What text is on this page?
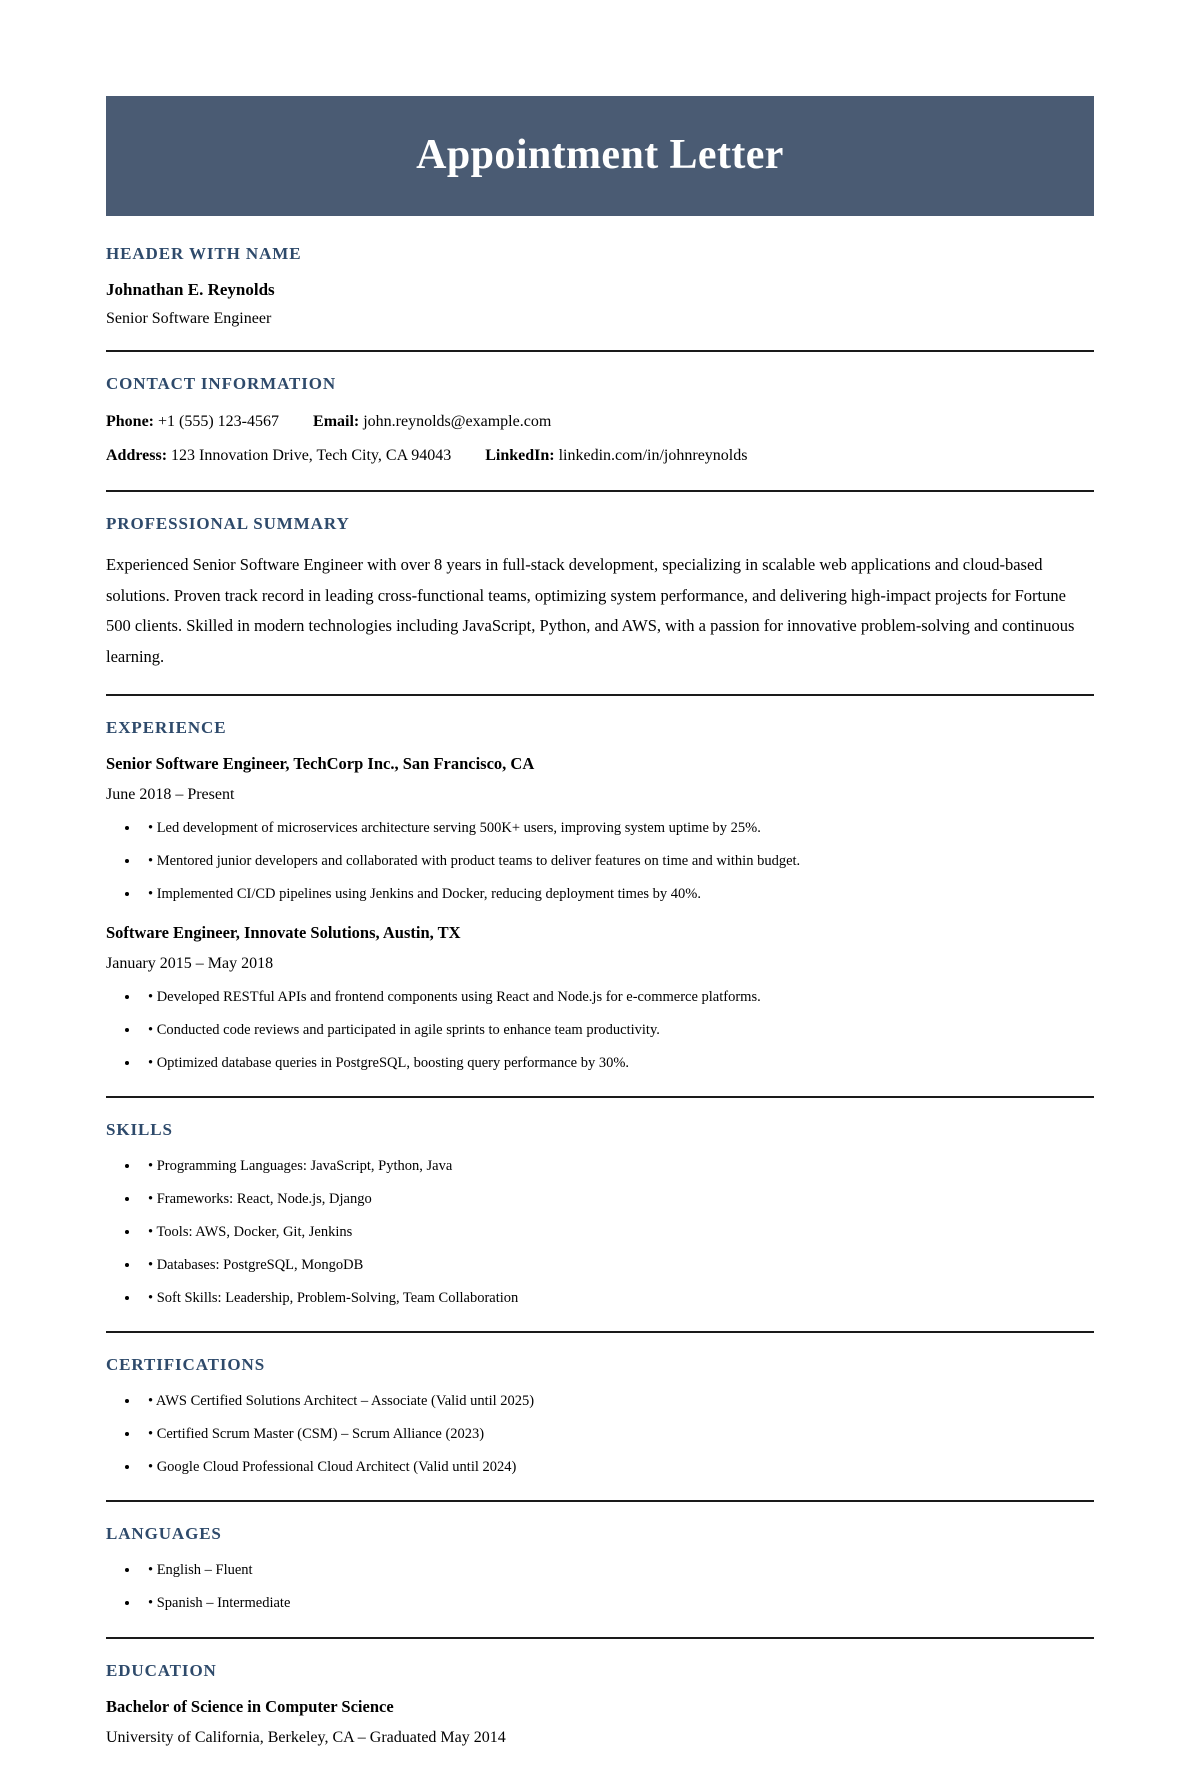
Appointment Letter
HEADER WITH NAME
Johnathan E. Reynolds
Senior Software Engineer
CONTACT INFORMATION
Phone: +1 (555) 123-4567 Email: john.reynolds@example.com
Address: 123 Innovation Drive, Tech City, CA 94043 LinkedIn: linkedin.com/in/johnreynolds
PROFESSIONAL SUMMARY

Experienced Senior Software Engineer with over 8 years in full-stack development, specializing in scalable web applications and cloud-based solutions. Proven track record in leading cross-functional teams, optimizing system performance, and delivering high-impact projects for Fortune 500 clients. Skilled in modern technologies including JavaScript, Python, and AWS, with a passion for innovative problem-solving and continuous learning.

EXPERIENCE
Senior Software Engineer, TechCorp Inc., San Francisco, CA
June 2018 – Present
• • Led development of microservices architecture serving 500K+ users, improving system uptime by 25%.
• • Mentored junior developers and collaborated with product teams to deliver features on time and within budget.
• • Implemented CI/CD pipelines using Jenkins and Docker, reducing deployment times by 40%.
Software Engineer, Innovate Solutions, Austin, TX
January 2015 – May 2018
• • Developed RESTful APIs and frontend components using React and Node.js for e-commerce platforms.
• • Conducted code reviews and participated in agile sprints to enhance team productivity.
• • Optimized database queries in PostgreSQL, boosting query performance by 30%.
SKILLS
• • Programming Languages: JavaScript, Python, Java
• • Frameworks: React, Node.js, Django
• • Tools: AWS, Docker, Git, Jenkins
• • Databases: PostgreSQL, MongoDB
• • Soft Skills: Leadership, Problem-Solving, Team Collaboration
CERTIFICATIONS
• • AWS Certified Solutions Architect – Associate (Valid until 2025)
• • Certified Scrum Master (CSM) – Scrum Alliance (2023)
• • Google Cloud Professional Cloud Architect (Valid until 2024)
LANGUAGES
• • English – Fluent
• • Spanish – Intermediate
EDUCATION
Bachelor of Science in Computer Science
University of California, Berkeley, CA – Graduated May 2014
